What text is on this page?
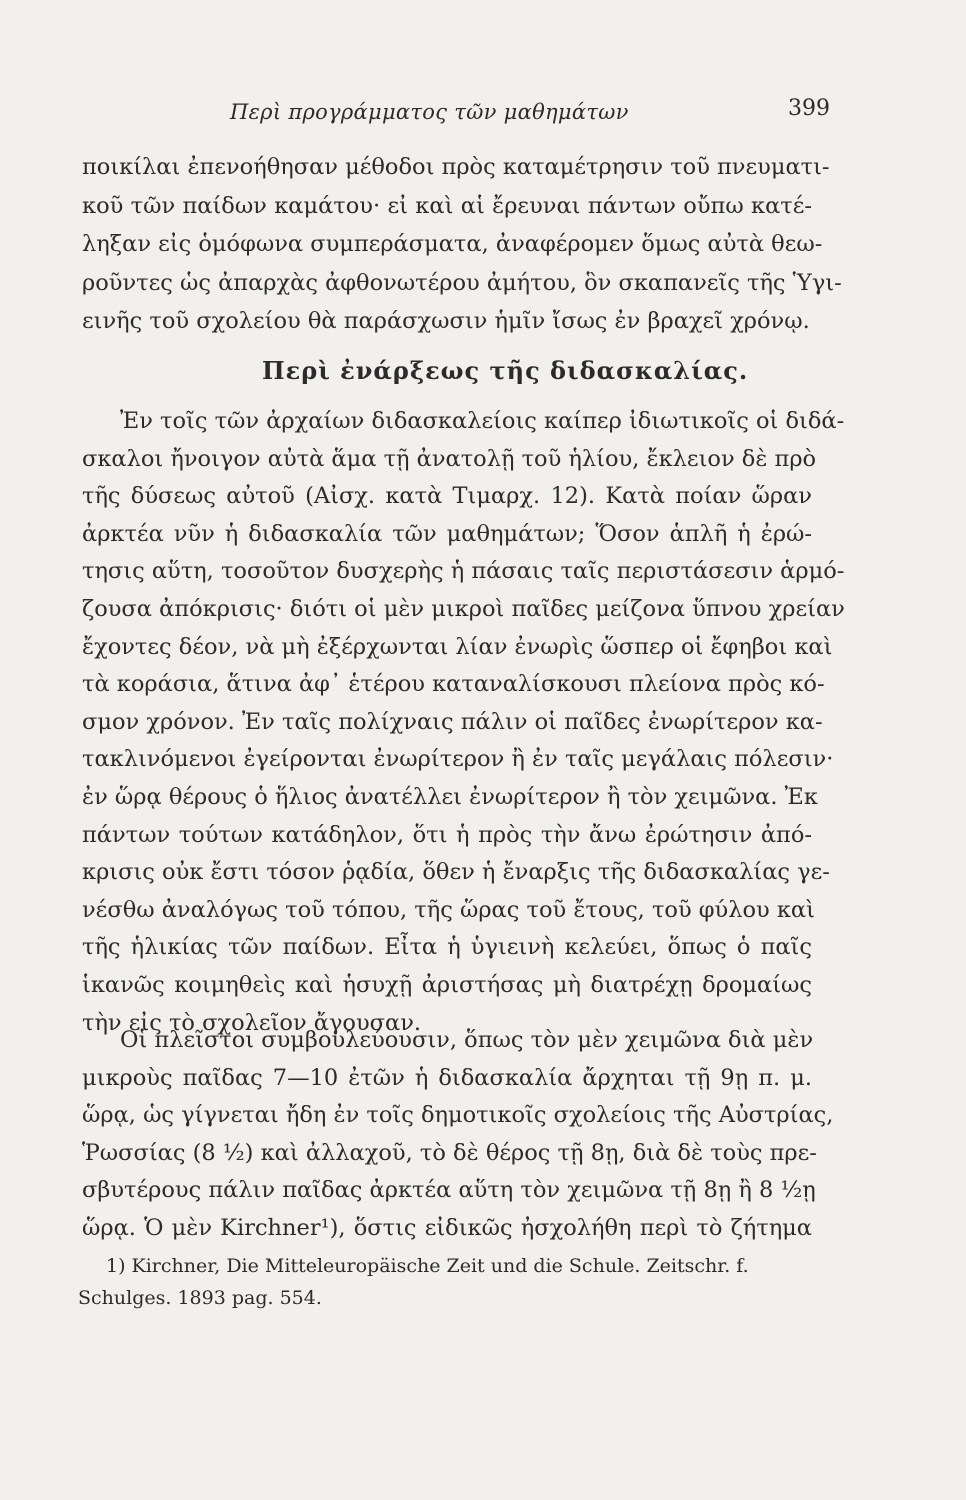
Περὶ προγράμματος τῶν μαθημάτων	399
ποικίλαι ἐπενοήθησαν μέθοδοι πρὸς καταμέτρησιν τοῦ πνευματι-
κοῦ τῶν παίδων καμάτου· εἰ καὶ αἱ ἔρευναι πάντων οὔπω κατέ-
ληξαν εἰς ὁμόφωνα συμπεράσματα, ἀναφέρομεν ὅμως αὐτὰ θεω-
ροῦντες ὡς ἀπαρχὰς ἀφθονωτέρου ἀμήτου, ὃν σκαπανεῖς τῆς Ὑγι-
εινῆς τοῦ σχολείου θὰ παράσχωσιν ἡμῖν ἴσως ἐν βραχεῖ χρόνῳ.
Περὶ ἐνάρξεως τῆς διδασκαλίας.
Ἐν τοῖς τῶν ἀρχαίων διδασκαλείοις καίπερ ἰδιωτικοῖς οἱ διδά-
σκαλοι ἤνοιγον αὐτὰ ἅμα τῇ ἀνατολῇ τοῦ ἡλίου, ἔκλειον δὲ πρὸ
τῆς δύσεως αὐτοῦ (Αἰσχ. κατὰ Τιμαρχ. 12). Κατὰ ποίαν ὥραν
ἀρκτέα νῦν ἡ διδασκαλία τῶν μαθημάτων; Ὅσον ἁπλῆ ἡ ἐρώ-
τησις αὕτη, τοσοῦτον δυσχερὴς ἡ πάσαις ταῖς περιστάσεσιν ἁρμό-
ζουσα ἀπόκρισις· διότι οἱ μὲν μικροὶ παῖδες μείζονα ὕπνου χρείαν
ἔχοντες δέον, νὰ μὴ ἐξέρχωνται λίαν ἐνωρὶς ὥσπερ οἱ ἔφηβοι καὶ
τὰ κοράσια, ἅτινα ἀφ᾽ ἑτέρου καταναλίσκουσι πλείονα πρὸς κό-
σμον χρόνον. Ἐν ταῖς πολίχναις πάλιν οἱ παῖδες ἐνωρίτερον κα-
τακλινόμενοι ἐγείρονται ἐνωρίτερον ἢ ἐν ταῖς μεγάλαις πόλεσιν·
ἐν ὥρᾳ θέρους ὁ ἥλιος ἀνατέλλει ἐνωρίτερον ἢ τὸν χειμῶνα. Ἐκ
πάντων τούτων κατάδηλον, ὅτι ἡ πρὸς τὴν ἄνω ἐρώτησιν ἀπό-
κρισις οὐκ ἔστι τόσον ῥᾳδία, ὅθεν ἡ ἔναρξις τῆς διδασκαλίας γε-
νέσθω ἀναλόγως τοῦ τόπου, τῆς ὥρας τοῦ ἔτους, τοῦ φύλου καὶ
τῆς ἡλικίας τῶν παίδων. Εἶτα ἡ ὑγιεινὴ κελεύει, ὅπως ὁ παῖς
ἱκανῶς κοιμηθεὶς καὶ ἡσυχῇ ἀριστήσας μὴ διατρέχῃ δρομαίως
τὴν εἰς τὸ σχολεῖον ἄγουσαν.
Οἱ πλεῖστοι συμβουλεύουσιν, ὅπως τὸν μὲν χειμῶνα διὰ μὲν
μικροὺς παῖδας 7—10 ἐτῶν ἡ διδασκαλία ἄρχηται τῇ 9ῃ π. μ.
ὥρᾳ, ὡς γίγνεται ἤδη ἐν τοῖς δημοτικοῖς σχολείοις τῆς Αὐστρίας,
Ῥωσσίας (8 ½) καὶ ἀλλαχοῦ, τὸ δὲ θέρος τῇ 8ῃ, διὰ δὲ τοὺς πρε-
σβυτέρους πάλιν παῖδας ἀρκτέα αὕτη τὸν χειμῶνα τῇ 8ῃ ἢ 8 ½ῃ
ὥρᾳ. Ὁ μὲν Kirchner¹), ὅστις εἰδικῶς ἠσχολήθη περὶ τὸ ζήτημα
1) Kirchner, Die Mitteleuropäische Zeit und die Schule. Zeitschr. f.
Schulges. 1893 pag. 554.
